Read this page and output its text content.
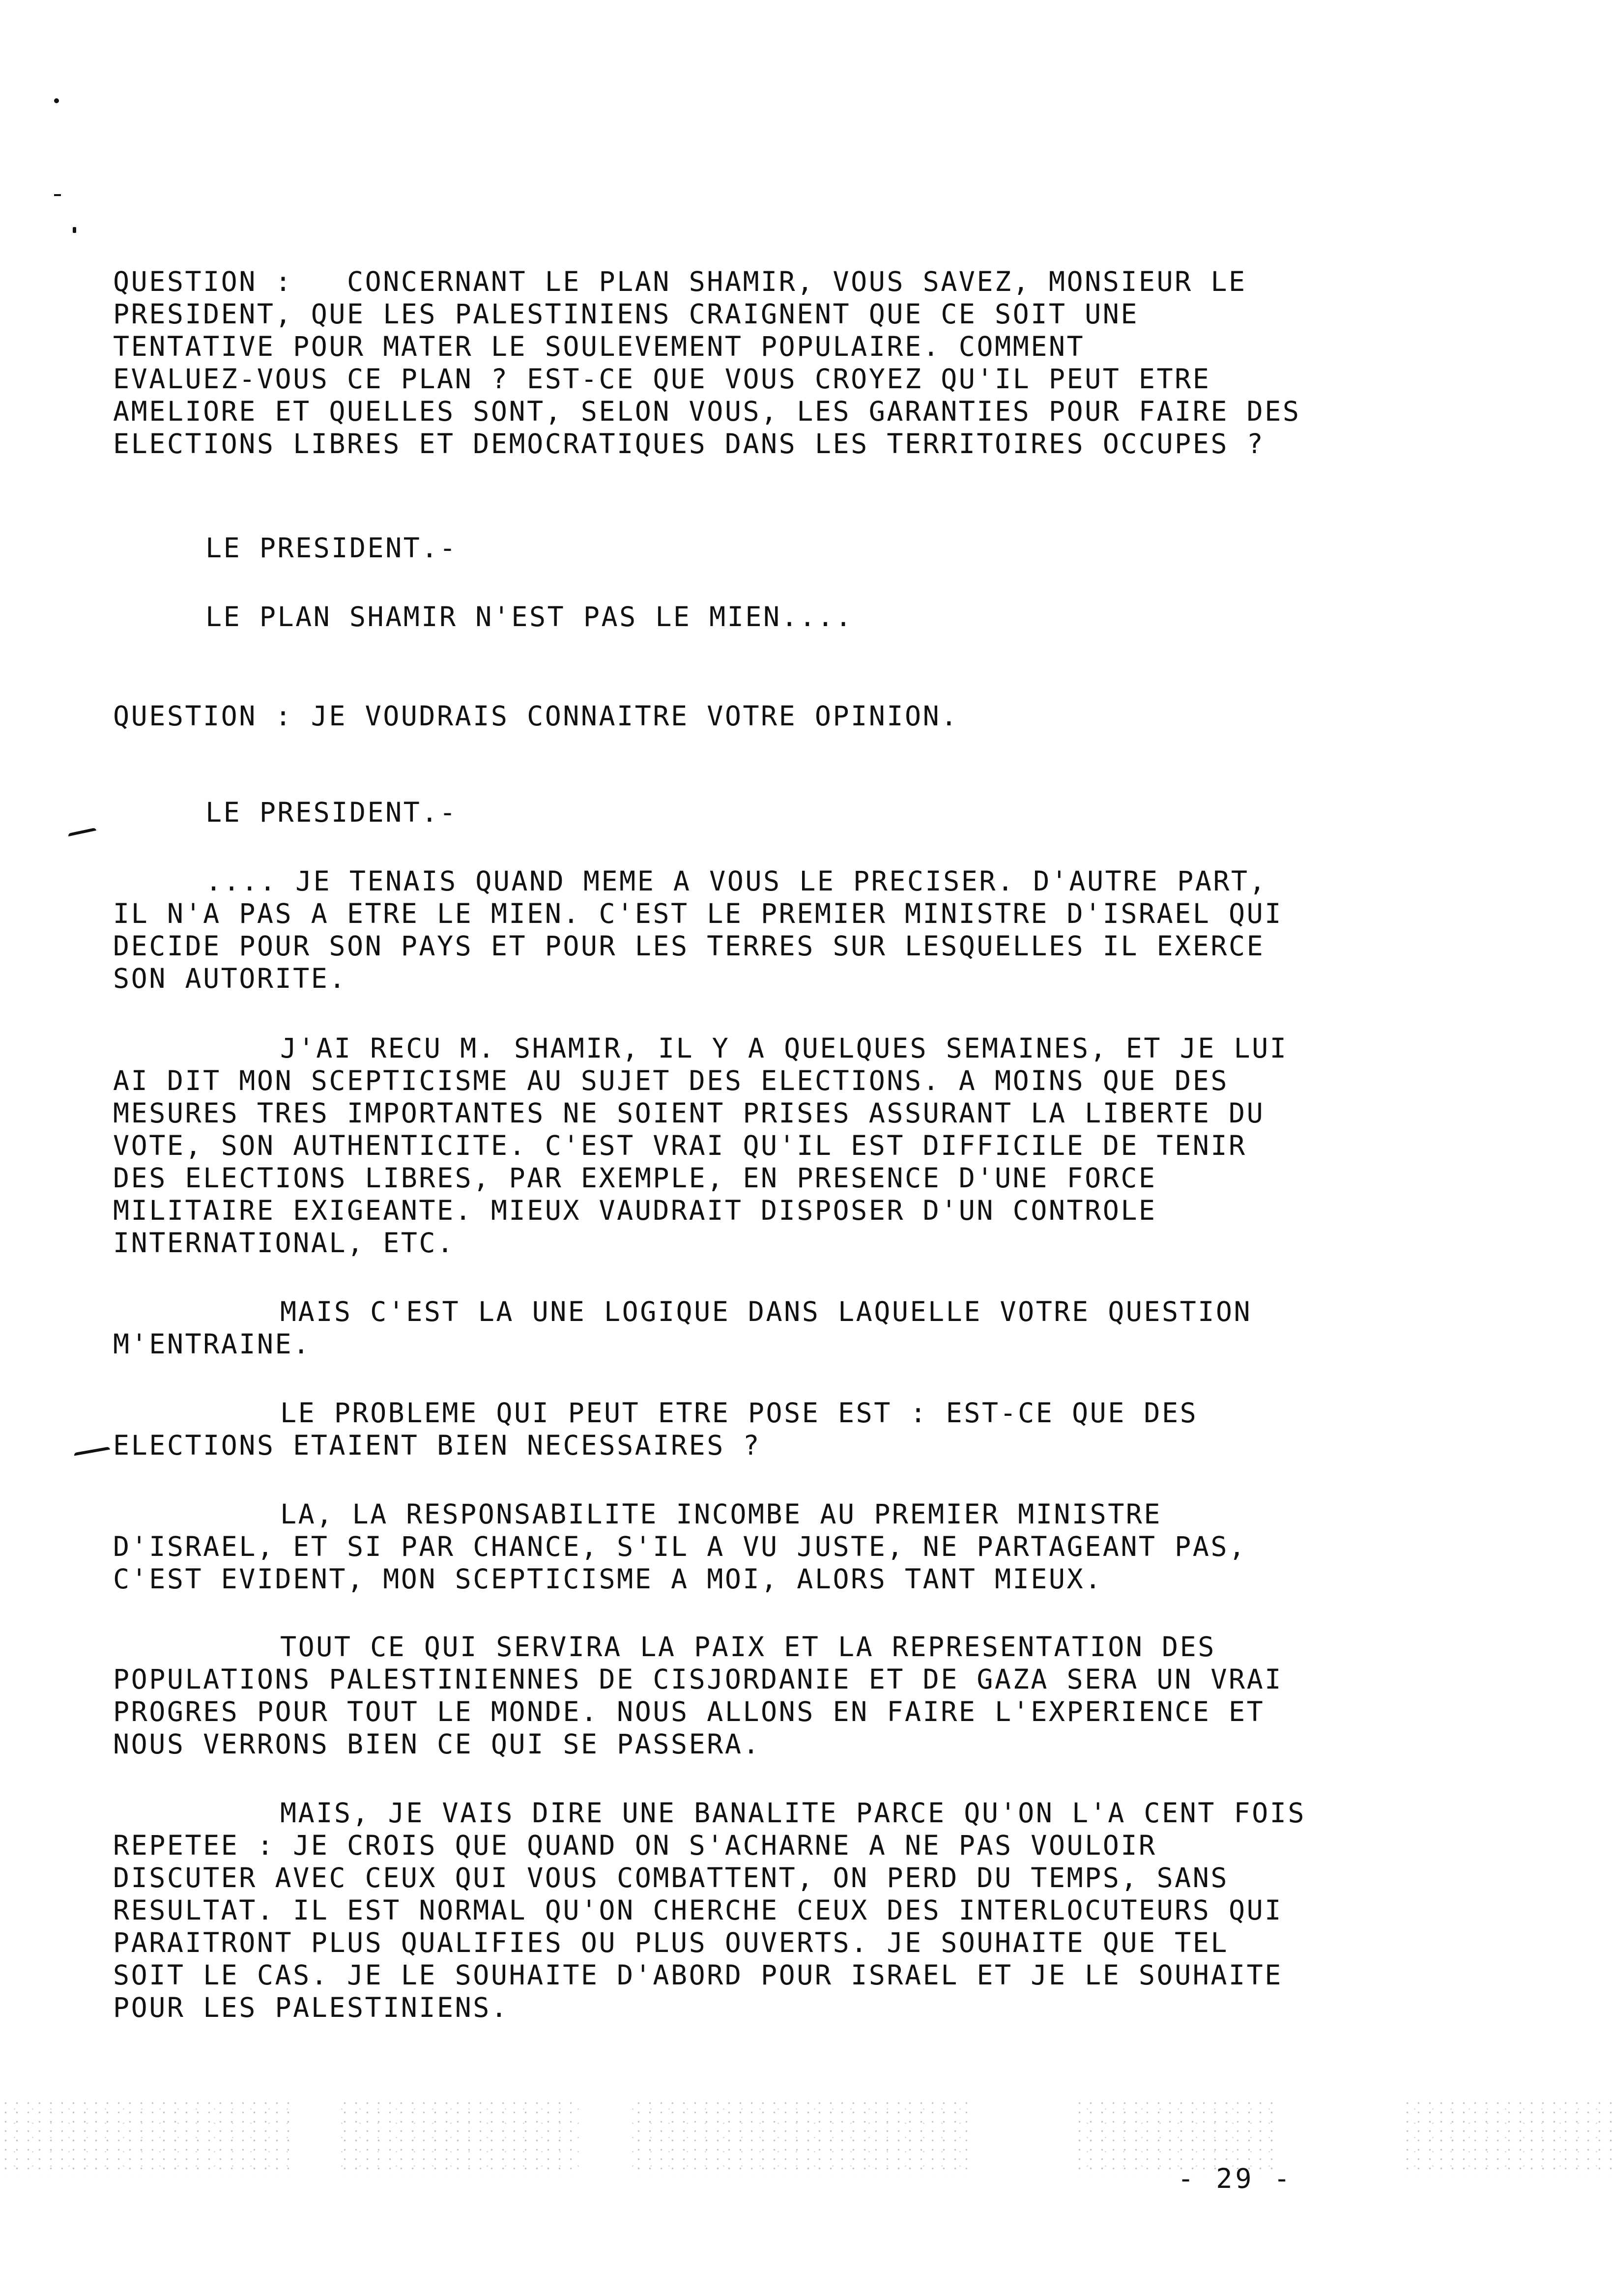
QUESTION :   CONCERNANT LE PLAN SHAMIR, VOUS SAVEZ, MONSIEUR LE
PRESIDENT, QUE LES PALESTINIENS CRAIGNENT QUE CE SOIT UNE
TENTATIVE POUR MATER LE SOULEVEMENT POPULAIRE. COMMENT
EVALUEZ-VOUS CE PLAN ? EST-CE QUE VOUS CROYEZ QU'IL PEUT ETRE
AMELIORE ET QUELLES SONT, SELON VOUS, LES GARANTIES POUR FAIRE DES
ELECTIONS LIBRES ET DEMOCRATIQUES DANS LES TERRITOIRES OCCUPES ?
LE PRESIDENT.-
LE PLAN SHAMIR N'EST PAS LE MIEN....
QUESTION : JE VOUDRAIS CONNAITRE VOTRE OPINION.
LE PRESIDENT.-
.... JE TENAIS QUAND MEME A VOUS LE PRECISER. D'AUTRE PART,
IL N'A PAS A ETRE LE MIEN. C'EST LE PREMIER MINISTRE D'ISRAEL QUI
DECIDE POUR SON PAYS ET POUR LES TERRES SUR LESQUELLES IL EXERCE
SON AUTORITE.
J'AI RECU M. SHAMIR, IL Y A QUELQUES SEMAINES, ET JE LUI
AI DIT MON SCEPTICISME AU SUJET DES ELECTIONS. A MOINS QUE DES
MESURES TRES IMPORTANTES NE SOIENT PRISES ASSURANT LA LIBERTE DU
VOTE, SON AUTHENTICITE. C'EST VRAI QU'IL EST DIFFICILE DE TENIR
DES ELECTIONS LIBRES, PAR EXEMPLE, EN PRESENCE D'UNE FORCE
MILITAIRE EXIGEANTE. MIEUX VAUDRAIT DISPOSER D'UN CONTROLE
INTERNATIONAL, ETC.
MAIS C'EST LA UNE LOGIQUE DANS LAQUELLE VOTRE QUESTION
M'ENTRAINE.
LE PROBLEME QUI PEUT ETRE POSE EST : EST-CE QUE DES
ELECTIONS ETAIENT BIEN NECESSAIRES ?
LA, LA RESPONSABILITE INCOMBE AU PREMIER MINISTRE
D'ISRAEL, ET SI PAR CHANCE, S'IL A VU JUSTE, NE PARTAGEANT PAS,
C'EST EVIDENT, MON SCEPTICISME A MOI, ALORS TANT MIEUX.
TOUT CE QUI SERVIRA LA PAIX ET LA REPRESENTATION DES
POPULATIONS PALESTINIENNES DE CISJORDANIE ET DE GAZA SERA UN VRAI
PROGRES POUR TOUT LE MONDE. NOUS ALLONS EN FAIRE L'EXPERIENCE ET
NOUS VERRONS BIEN CE QUI SE PASSERA.
MAIS, JE VAIS DIRE UNE BANALITE PARCE QU'ON L'A CENT FOIS
REPETEE : JE CROIS QUE QUAND ON S'ACHARNE A NE PAS VOULOIR
DISCUTER AVEC CEUX QUI VOUS COMBATTENT, ON PERD DU TEMPS, SANS
RESULTAT. IL EST NORMAL QU'ON CHERCHE CEUX DES INTERLOCUTEURS QUI
PARAITRONT PLUS QUALIFIES OU PLUS OUVERTS. JE SOUHAITE QUE TEL
SOIT LE CAS. JE LE SOUHAITE D'ABORD POUR ISRAEL ET JE LE SOUHAITE
POUR LES PALESTINIENS.
- 29 -
